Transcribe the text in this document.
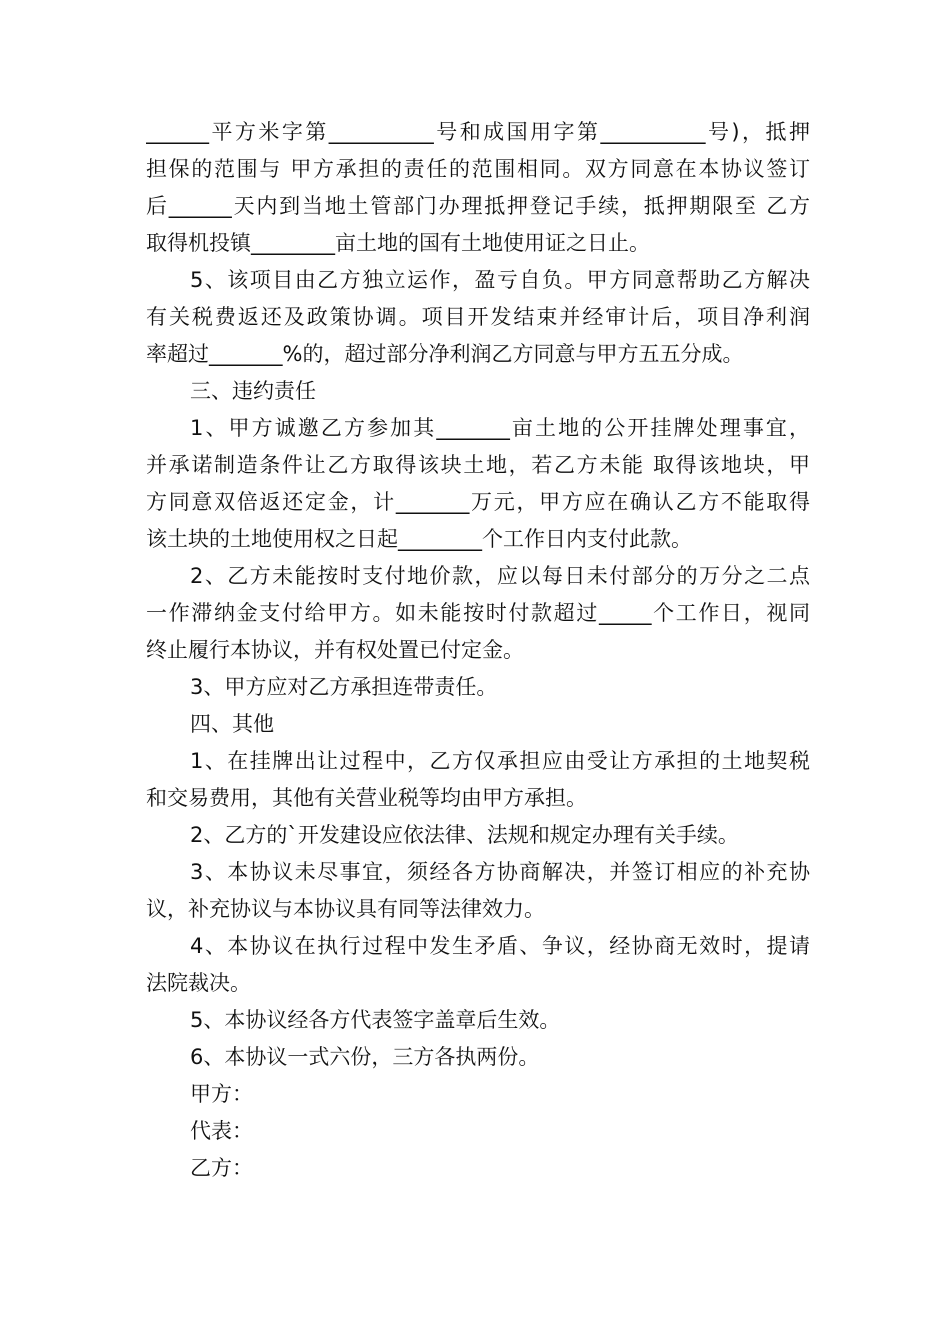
______平方米字第__________号和成国用字第__________号)，抵押
担保的范围与 甲方承担的责任的范围相同。双方同意在本协议签订
后______天内到当地土管部门办理抵押登记手续，抵押期限至 乙方
取得机投镇________亩土地的国有土地使用证之日止。
5、该项目由乙方独立运作，盈亏自负。甲方同意帮助乙方解决
有关税费返还及政策协调。项目开发结束并经审计后，项目净利润
率超过_______%的，超过部分净利润乙方同意与甲方五五分成。
三、违约责任
1、甲方诚邀乙方参加其_______亩土地的公开挂牌处理事宜，
并承诺制造条件让乙方取得该块土地，若乙方未能 取得该地块，甲
方同意双倍返还定金，计_______万元，甲方应在确认乙方不能取得
该土块的土地使用权之日起________个工作日内支付此款。
2、乙方未能按时支付地价款，应以每日未付部分的万分之二点
一作滞纳金支付给甲方。如未能按时付款超过_____个工作日，视同
终止履行本协议，并有权处置已付定金。
3、甲方应对乙方承担连带责任。
四、其他
1、在挂牌出让过程中，乙方仅承担应由受让方承担的土地契税
和交易费用，其他有关营业税等均由甲方承担。
2、乙方的`开发建设应依法律、法规和规定办理有关手续。
3、本协议未尽事宜，须经各方协商解决，并签订相应的补充协
议，补充协议与本协议具有同等法律效力。
4、本协议在执行过程中发生矛盾、争议，经协商无效时，提请
法院裁决。
5、本协议经各方代表签字盖章后生效。
6、本协议一式六份，三方各执两份。
甲方：
代表：
乙方：
